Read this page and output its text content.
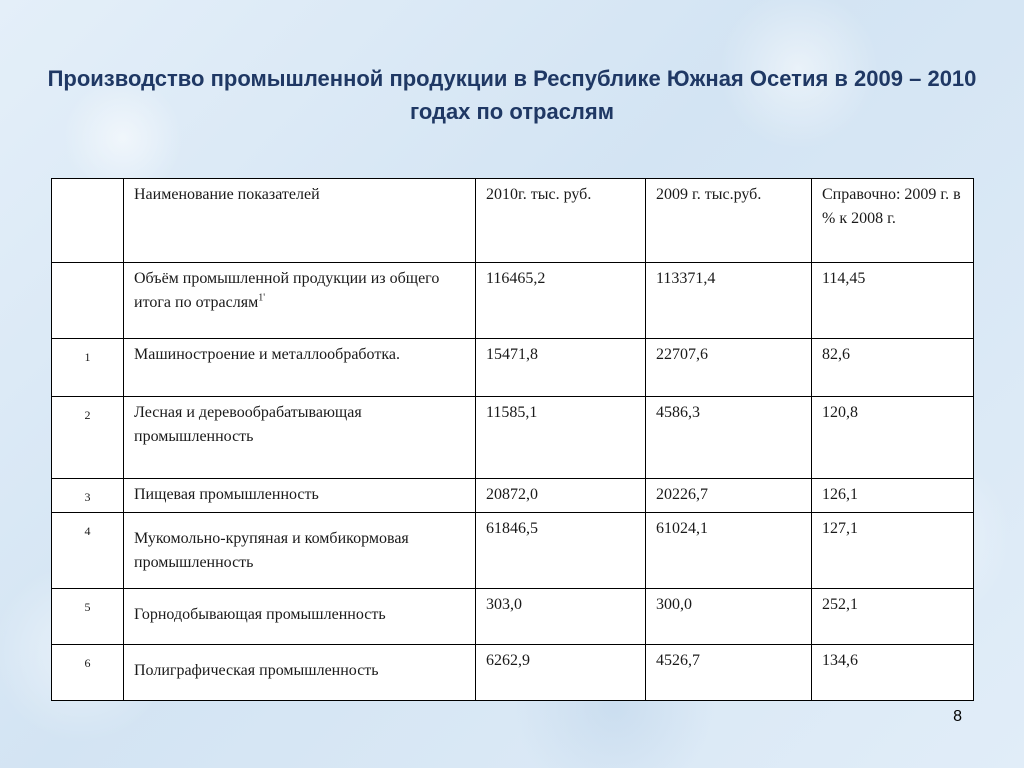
Производство промышленной продукции в Республике Южная Осетия в 2009 – 2010 годах по отраслям
	Наименование показателей	2010г. тыс. руб.	2009 г. тыс.руб.	Справочно: 2009 г. в % к 2008 г.
	Объём промышленной продукции из общего итога по отраслям$^{1'}$	116465,2	113371,4	114,45
1	Машиностроение и металлообработка.	15471,8	22707,6	82,6
2	Лесная и деревообрабатывающая промышленность	11585,1	4586,3	120,8
3	Пищевая промышленность	20872,0	20226,7	126,1
4	Мукомольно-крупяная и комбикормовая промышленность	61846,5	61024,1	127,1
5	Горнодобывающая промышленность	303,0	300,0	252,1
6	Полиграфическая промышленность	6262,9	4526,7	134,6
8
